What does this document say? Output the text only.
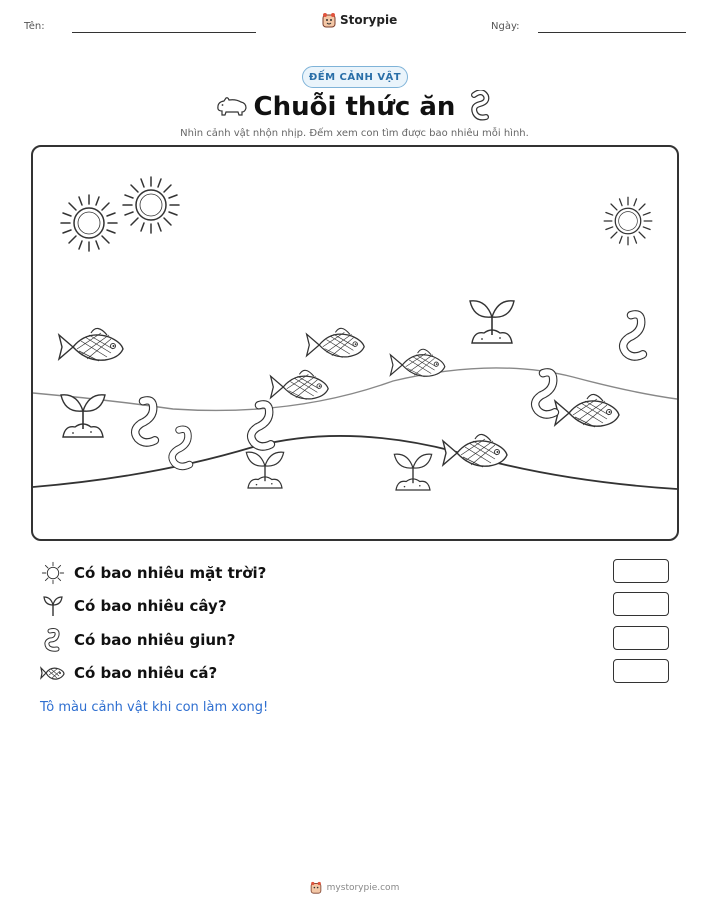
Tên:	Storypie	Ngày:
ĐẾM CẢNH VẬT
Chuỗi thức ăn
Nhìn cảnh vật nhộn nhịp. Đếm xem con tìm được bao nhiêu mỗi hình.
Có bao nhiêu mặt trời?
Có bao nhiêu cây?
Có bao nhiêu giun?
Có bao nhiêu cá?
Tô màu cảnh vật khi con làm xong!
mystorypie.com
